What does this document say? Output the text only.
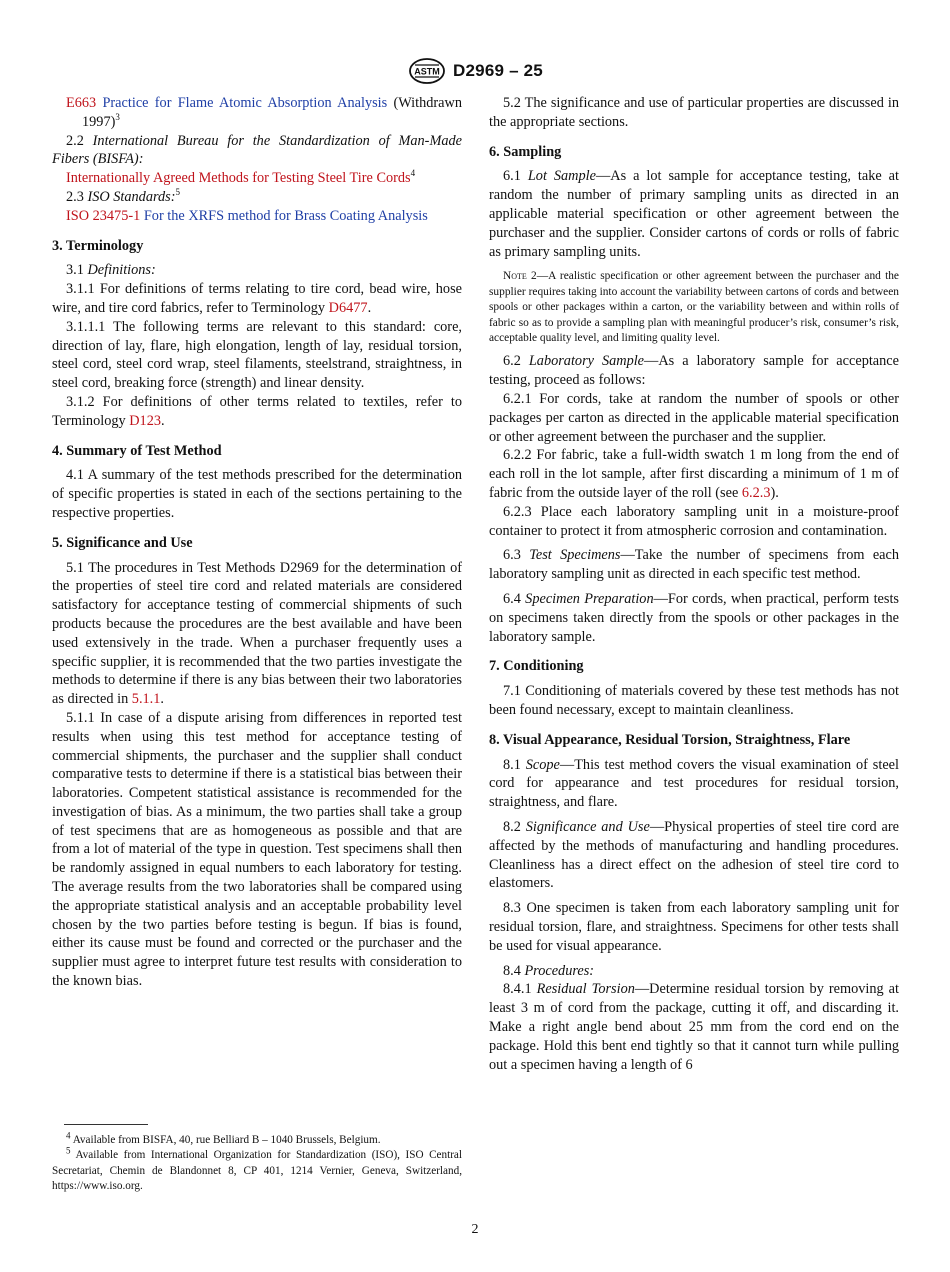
ASTM D2969 – 25

E663 Practice for Flame Atomic Absorption Analysis (Withdrawn 1997)$^3$

2.2 International Bureau for the Standardization of Man-Made Fibers (BISFA):

Internationally Agreed Methods for Testing Steel Tire Cords$^4$

2.3 ISO Standards:$^5$

ISO 23475-1 For the XRFS method for Brass Coating Analysis

3. Terminology

3.1 Definitions:

3.1.1 For definitions of terms relating to tire cord, bead wire, hose wire, and tire cord fabrics, refer to Terminology D6477.

3.1.1.1 The following terms are relevant to this standard: core, direction of lay, flare, high elongation, length of lay, residual torsion, steel cord, steel cord wrap, steel filaments, steelstrand, straightness, in steel cord, breaking force (strength) and linear density.

3.1.2 For definitions of other terms related to textiles, refer to Terminology D123.

4. Summary of Test Method

4.1 A summary of the test methods prescribed for the determination of specific properties is stated in each of the sections pertaining to the respective properties.

5. Significance and Use

5.1 The procedures in Test Methods D2969 for the determination of the properties of steel tire cord and related materials are considered satisfactory for acceptance testing of commercial shipments of such products because the procedures are the best available and have been used extensively in the trade. When a purchaser frequently uses a specific supplier, it is recommended that the two parties investigate the methods to determine if there is any bias between their two laboratories as directed in 5.1.1.

5.1.1 In case of a dispute arising from differences in reported test results when using this test method for acceptance testing of commercial shipments, the purchaser and the supplier shall conduct comparative tests to determine if there is a statistical bias between their laboratories. Competent statistical assistance is recommended for the investigation of bias. As a minimum, the two parties shall take a group of test specimens that are as homogeneous as possible and that are from a lot of material of the type in question. Test specimens shall then be randomly assigned in equal numbers to each laboratory for testing. The average results from the two laboratories shall be compared using the appropriate statistical analysis and an acceptable probability level chosen by the two parties before testing is begun. If bias is found, either its cause must be found and corrected or the purchaser and the supplier must agree to interpret future test results with consideration to the known bias.

$^4$ Available from BISFA, 40, rue Belliard B – 1040 Brussels, Belgium.

$^5$ Available from International Organization for Standardization (ISO), ISO Central Secretariat, Chemin de Blandonnet 8, CP 401, 1214 Vernier, Geneva, Switzerland, https://www.iso.org.

5.2 The significance and use of particular properties are discussed in the appropriate sections.

6. Sampling

6.1 Lot Sample—As a lot sample for acceptance testing, take at random the number of primary sampling units as directed in an applicable material specification or other agreement between the purchaser and the supplier. Consider cartons of cords or rolls of fabric as primary sampling units.

Note 2—A realistic specification or other agreement between the purchaser and the supplier requires taking into account the variability between cartons of cords and between spools or other packages within a carton, or the variability between and within rolls of fabric so as to provide a sampling plan with meaningful producer’s risk, consumer’s risk, acceptable quality level, and limiting quality level.

6.2 Laboratory Sample—As a laboratory sample for acceptance testing, proceed as follows:

6.2.1 For cords, take at random the number of spools or other packages per carton as directed in the applicable material specification or other agreement between the purchaser and the supplier.

6.2.2 For fabric, take a full-width swatch 1 m long from the end of each roll in the lot sample, after first discarding a minimum of 1 m of fabric from the outside layer of the roll (see 6.2.3).

6.2.3 Place each laboratory sampling unit in a moisture-proof container to protect it from atmospheric corrosion and contamination.

6.3 Test Specimens—Take the number of specimens from each laboratory sampling unit as directed in each specific test method.

6.4 Specimen Preparation—For cords, when practical, perform tests on specimens taken directly from the spools or other packages in the laboratory sample.

7. Conditioning

7.1 Conditioning of materials covered by these test methods has not been found necessary, except to maintain cleanliness.

8. Visual Appearance, Residual Torsion, Straightness, Flare

8.1 Scope—This test method covers the visual examination of steel cord for appearance and test procedures for residual torsion, straightness, and flare.

8.2 Significance and Use—Physical properties of steel tire cord are affected by the methods of manufacturing and handling procedures. Cleanliness has a direct effect on the adhesion of steel tire cord to elastomers.

8.3 One specimen is taken from each laboratory sampling unit for residual torsion, flare, and straightness. Specimens for other tests shall be used for visual appearance.

8.4 Procedures:

8.4.1 Residual Torsion—Determine residual torsion by removing at least 3 m of cord from the package, cutting it off, and discarding it. Make a right angle bend about 25 mm from the cord end on the package. Hold this bent end tightly so that it cannot turn while pulling out a specimen having a length of 6

2
